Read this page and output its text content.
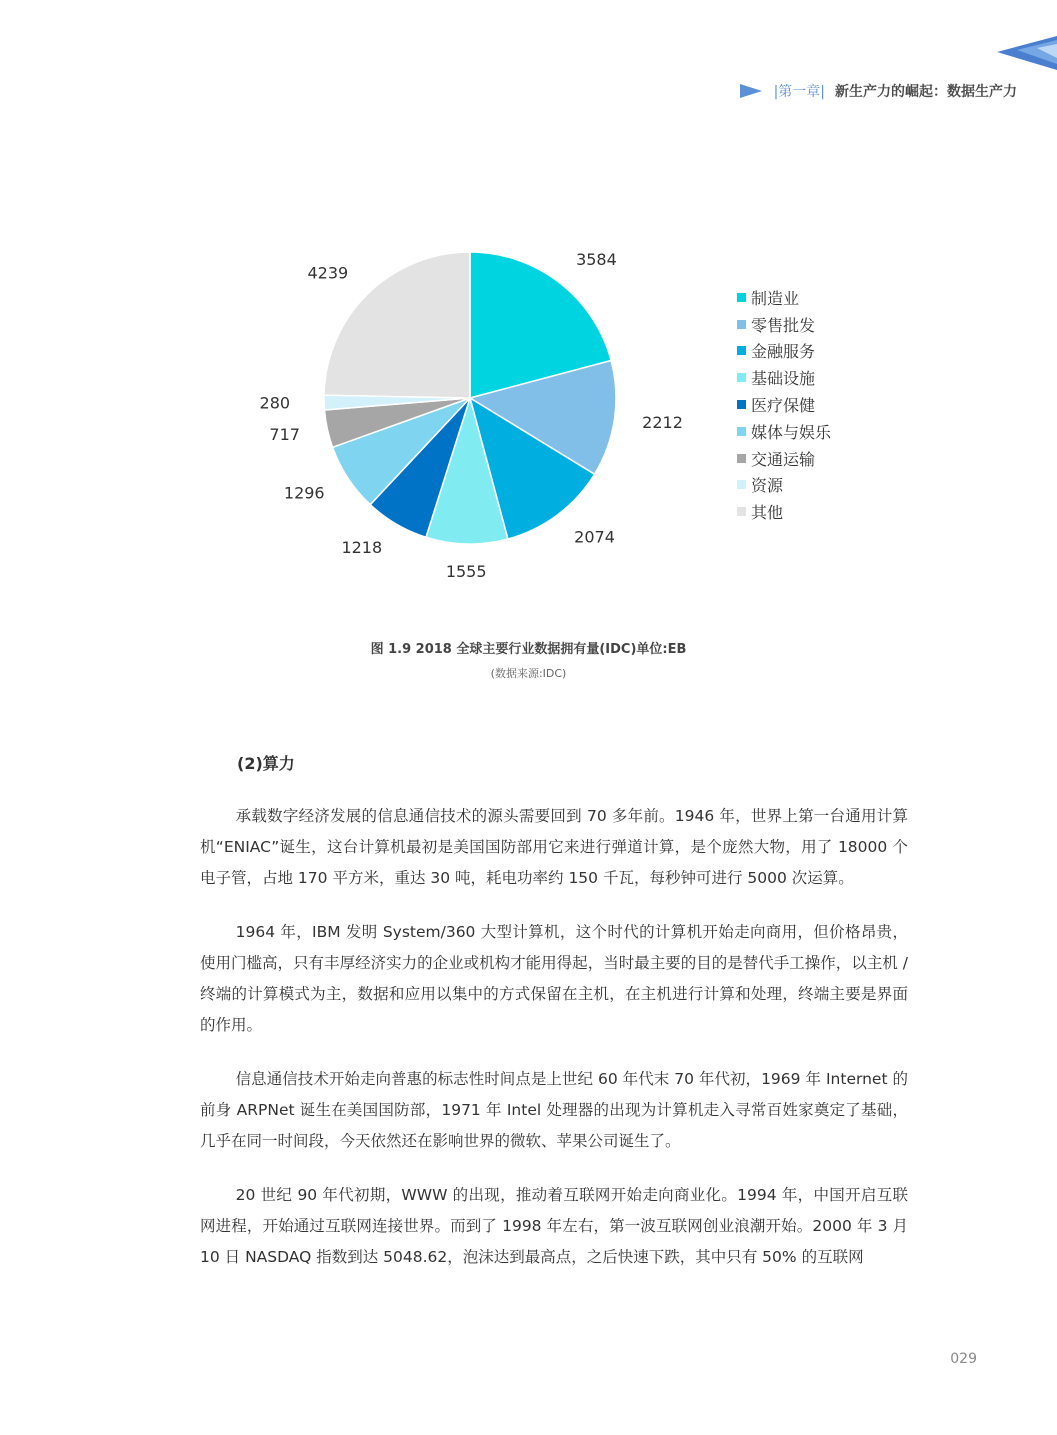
|第一章| 新生产力的崛起：数据生产力
3584
2212
2074
1555
1218
1296
717
280
4239
制造业
零售批发
金融服务
基础设施
医疗保健
媒体与娱乐
交通运输
资源
其他
图 1.9 2018 全球主要行业数据拥有量(IDC)单位:EB
(数据来源:IDC)
(2)算力

承载数字经济发展的信息通信技术的源头需要回到 70 多年前。1946 年，世界上第一台通用计算机“ENIAC”诞生，这台计算机最初是美国国防部用它来进行弹道计算，是个庞然大物，用了 18000 个电子管，占地 170 平方米，重达 30 吨，耗电功率约 150 千瓦，每秒钟可进行 5000 次运算。

1964 年，IBM 发明 System/360 大型计算机，这个时代的计算机开始走向商用，但价格昂贵，使用门槛高，只有丰厚经济实力的企业或机构才能用得起，当时最主要的目的是替代手工操作，以主机 / 终端的计算模式为主，数据和应用以集中的方式保留在主机，在主机进行计算和处理，终端主要是界面的作用。

信息通信技术开始走向普惠的标志性时间点是上世纪 60 年代末 70 年代初，1969 年 Internet 的前身 ARPNet 诞生在美国国防部，1971 年 Intel 处理器的出现为计算机走入寻常百姓家奠定了基础，几乎在同一时间段，今天依然还在影响世界的微软、苹果公司诞生了。

20 世纪 90 年代初期，WWW 的出现，推动着互联网开始走向商业化。1994 年，中国开启互联网进程，开始通过互联网连接世界。而到了 1998 年左右，第一波互联网创业浪潮开始。2000 年 3 月 10 日 NASDAQ 指数到达 5048.62，泡沫达到最高点，之后快速下跌，其中只有 50% 的互联网

029
